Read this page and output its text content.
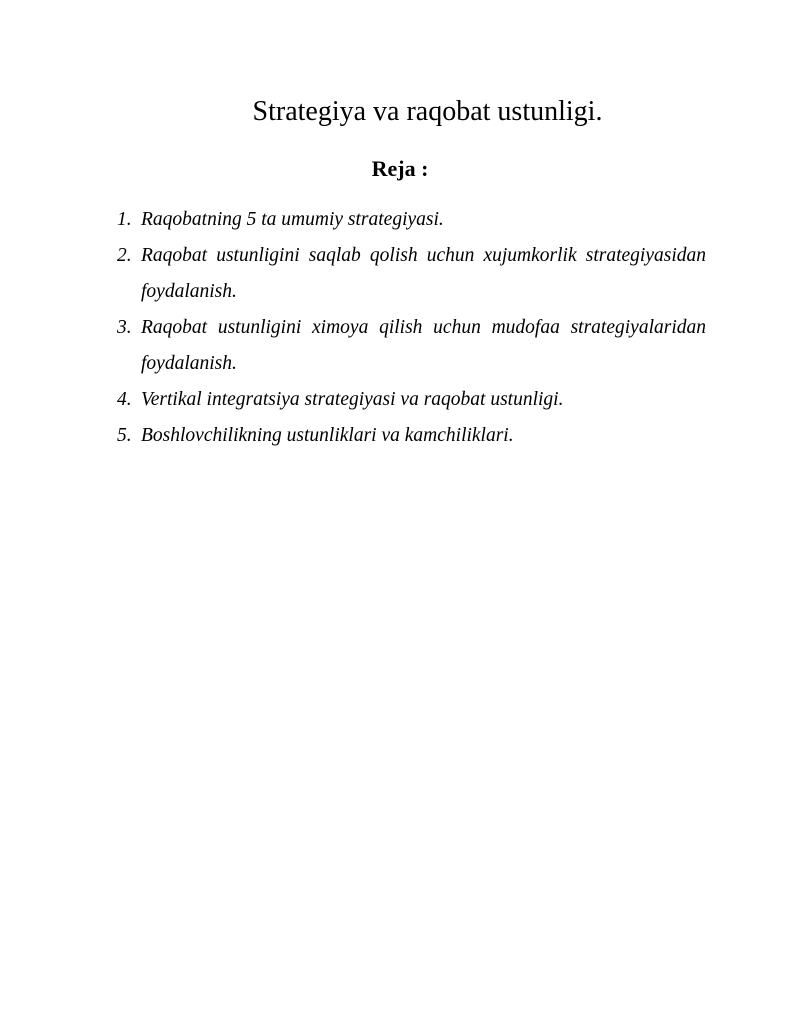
Strategiya va raqobat ustunligi.
Reja :
1. Raqobatning 5 ta umumiy strategiyasi.
2. Raqobat ustunligini saqlab qolish uchun xujumkorlik strategiyasidan foydalanish.
3. Raqobat ustunligini ximoya qilish uchun mudofaa strategiyalaridan foydalanish.
4. Vertikal integratsiya strategiyasi va raqobat ustunligi.
5. Boshlovchilikning ustunliklari va kamchiliklari.
